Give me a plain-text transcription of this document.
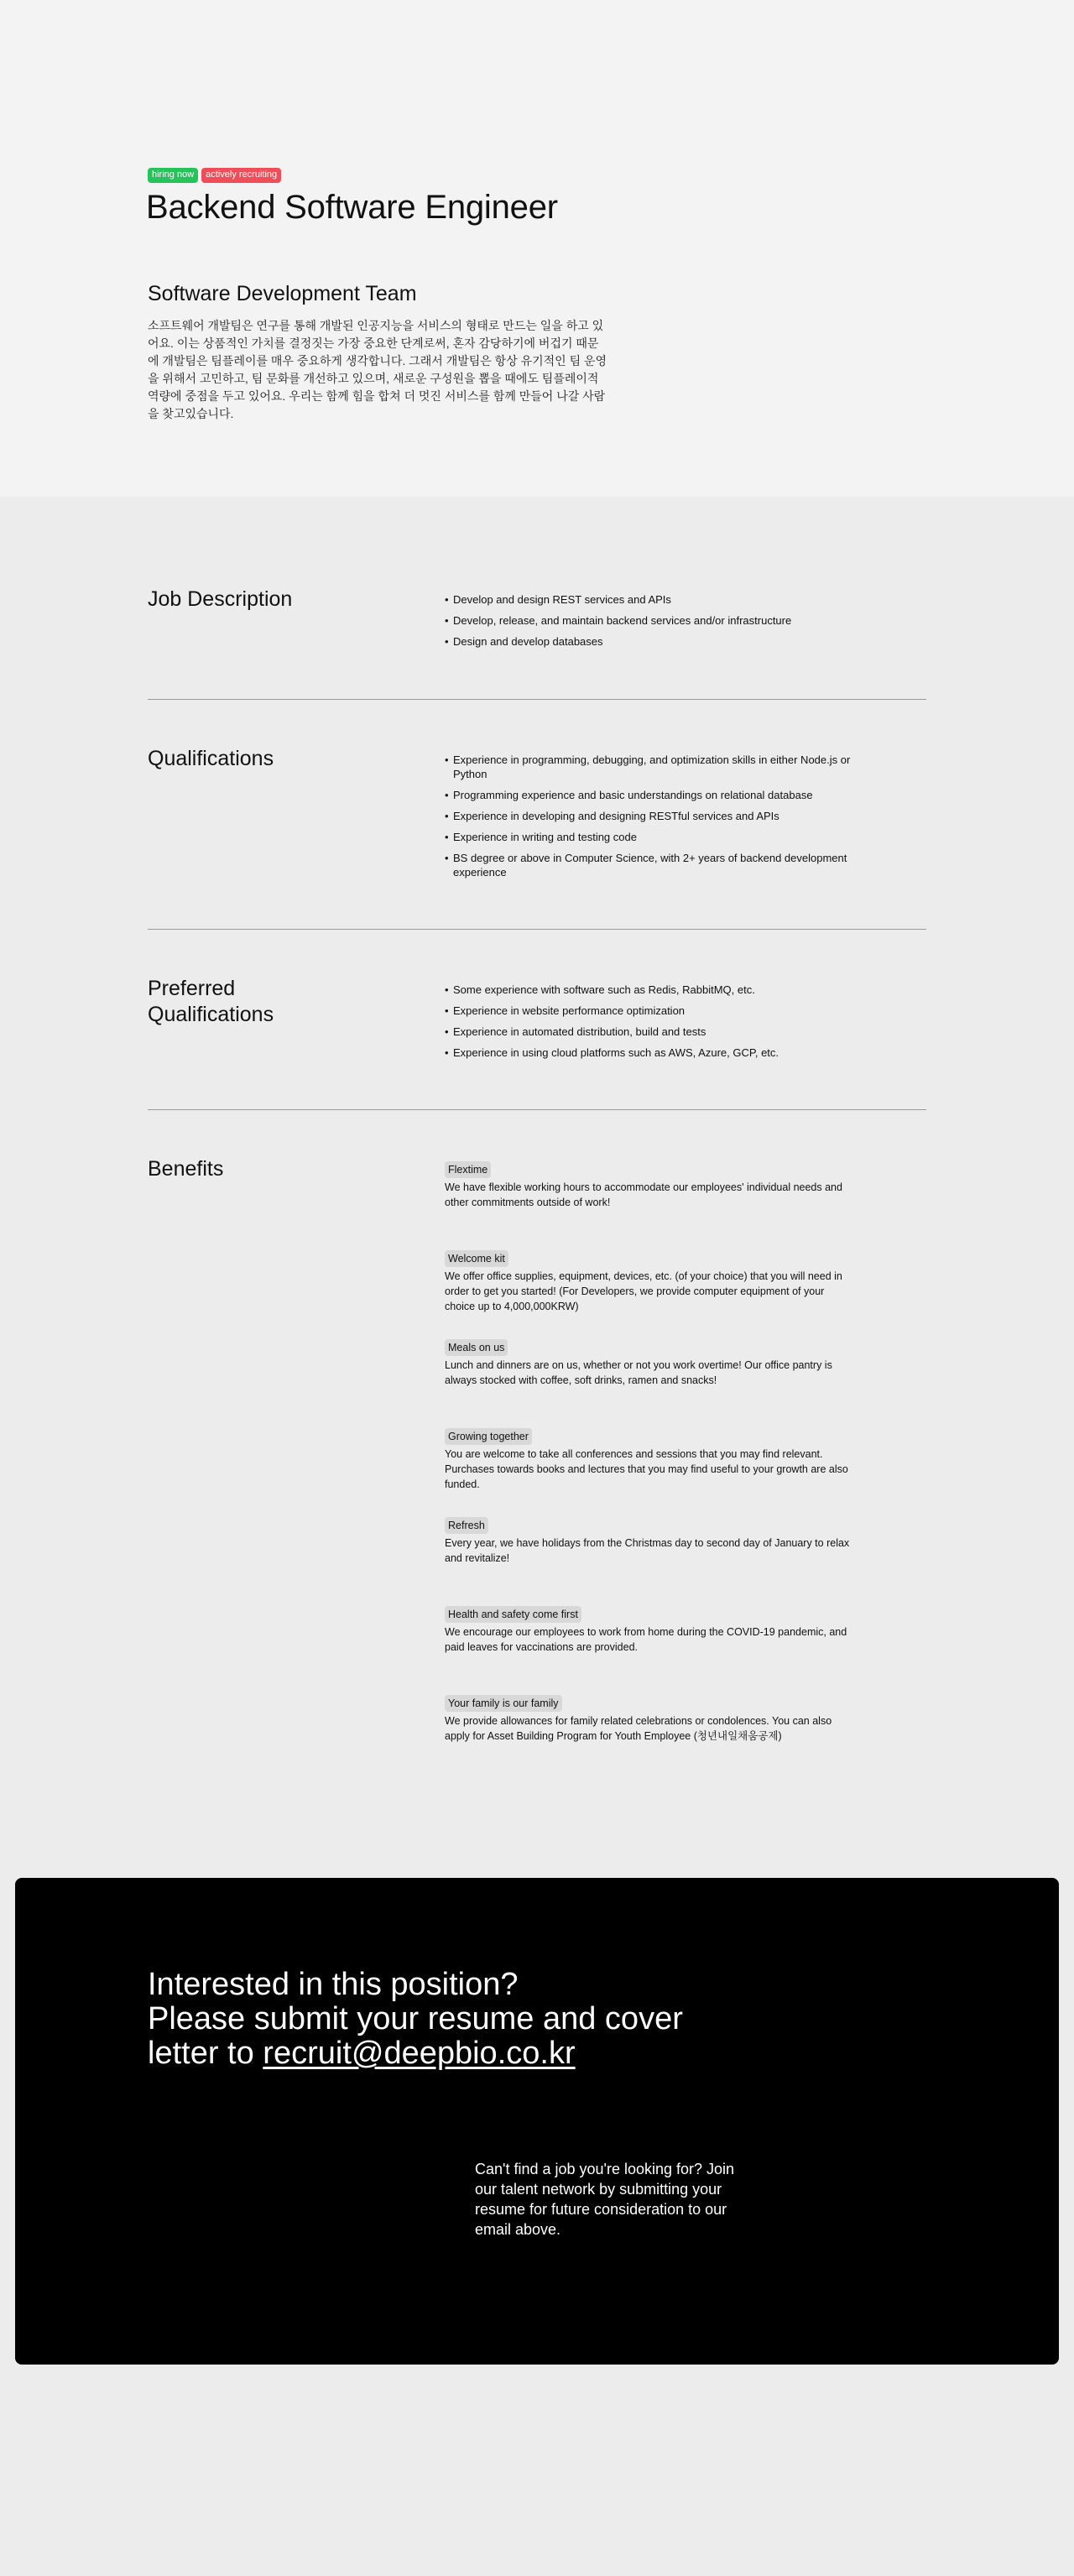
hiring now	actively recruiting
Backend Software Engineer
Software Development Team

소프트웨어 개발팀은 연구를 통해 개발된 인공지능을 서비스의 형태로 만드는 일을 하고 있어요. 이는 상품적인 가치를 결정짓는 가장 중요한 단계로써, 혼자 감당하기에 버겁기 때문에 개발팀은 팀플레이를 매우 중요하게 생각합니다. 그래서 개발팀은 항상 유기적인 팀 운영을 위해서 고민하고, 팀 문화를 개선하고 있으며, 새로운 구성원을 뽑을 때에도 팀플레이적 역량에 중점을 두고 있어요. 우리는 함께 힘을 합쳐 더 멋진 서비스를 함께 만들어 나갈 사람을 찾고있습니다.

Job Description	• Develop and design REST services and APIs
• Develop, release, and maintain backend services and/or infrastructure
• Design and develop databases
Qualifications	• Experience in programming, debugging, and optimization skills in either Node.js or Python
• Programming experience and basic understandings on relational database
• Experience in developing and designing RESTful services and APIs
• Experience in writing and testing code
• BS degree or above in Computer Science, with 2+ years of backend development experience
Preferred Qualifications
• Some experience with software such as Redis, RabbitMQ, etc.
• Experience in website performance optimization
• Experience in automated distribution, build and tests
• Experience in using cloud platforms such as AWS, Azure, GCP, etc.
Benefits	Flextime

We have flexible working hours to accommodate our employees' individual needs and other commitments outside of work!

Welcome kit

We offer office supplies, equipment, devices, etc. (of your choice) that you will need in order to get you started! (For Developers, we provide computer equipment of your choice up to 4,000,000KRW)

Meals on us

Lunch and dinners are on us, whether or not you work overtime! Our office pantry is always stocked with coffee, soft drinks, ramen and snacks!

Growing together

You are welcome to take all conferences and sessions that you may find relevant. Purchases towards books and lectures that you may find useful to your growth are also funded.

Refresh

Every year, we have holidays from the Christmas day to second day of January to relax and revitalize!

Health and safety come first

We encourage our employees to work from home during the COVID-19 pandemic, and paid leaves for vaccinations are provided.

Your family is our family

We provide allowances for family related celebrations or condolences. You can also apply for Asset Building Program for Youth Employee (청년내일채움공제)

Interested in this position?
Please submit your resume and cover
letter to recruit@deepbio.co.kr

Can't find a job you're looking for? Join our talent network by submitting your resume for future consideration to our email above.
